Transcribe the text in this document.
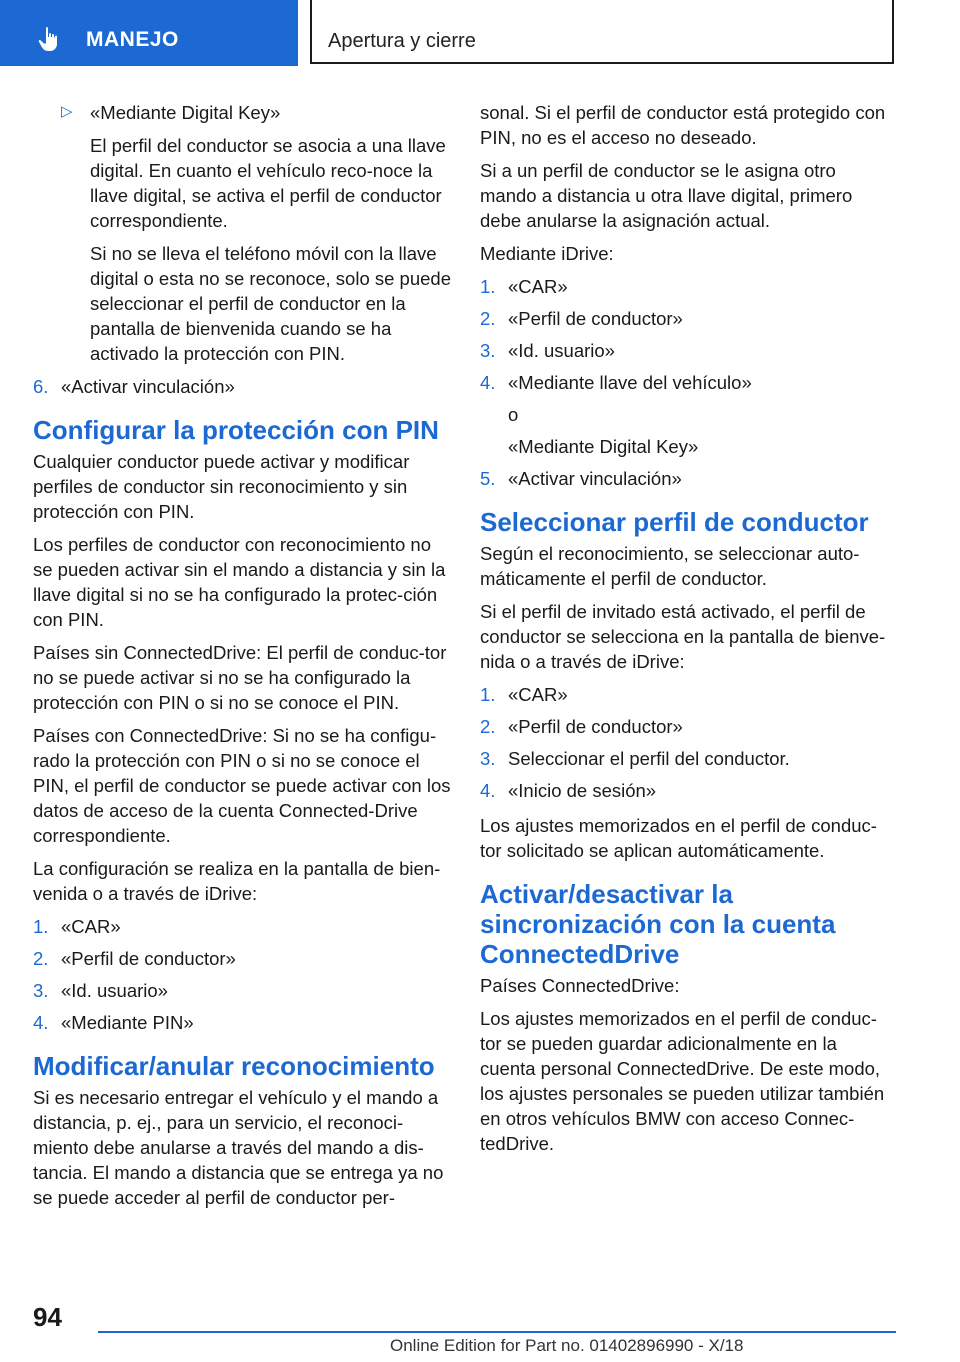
MANEJO	Apertura y cierre
▷ «Mediante Digital Key»

El perfil del conductor se asocia a una llave digital. En cuanto el vehículo reco‐noce la llave digital, se activa el perfil de conductor correspondiente.

Si no se lleva el teléfono móvil con la llave digital o esta no se reconoce, solo se puede seleccionar el perfil de conductor en la pantalla de bienvenida cuando se ha activado la protección con PIN.

6. «Activar vinculación»
Configurar la protección con PIN

Cualquier conductor puede activar y modificar perfiles de conductor sin reconocimiento y sin protección con PIN.

Los perfiles de conductor con reconocimiento no se pueden activar sin el mando a distancia y sin la llave digital si no se ha configurado la protec‐ción con PIN.

Países sin ConnectedDrive: El perfil de conduc‐tor no se puede activar si no se ha configurado la protección con PIN o si no se conoce el PIN.

Países con ConnectedDrive: Si no se ha configu‐rado la protección con PIN o si no se conoce el PIN, el perfil de conductor se puede activar con los datos de acceso de la cuenta Connected‐Drive correspondiente.

La configuración se realiza en la pantalla de bien‐venida o a través de iDrive:

1. «CAR»
2. «Perfil de conductor»
3. «Id. usuario»
4. «Mediante PIN»
Modificar/anular reconocimiento

Si es necesario entregar el vehículo y el mando a distancia, p. ej., para un servicio, el reconoci‐miento debe anularse a través del mando a dis‐tancia. El mando a distancia que se entrega ya no se puede acceder al perfil de conductor per‐

sonal. Si el perfil de conductor está protegido con PIN, no es el acceso no deseado.

Si a un perfil de conductor se le asigna otro mando a distancia u otra llave digital, primero debe anularse la asignación actual.

Mediante iDrive:

1. «CAR»
2. «Perfil de conductor»
3. «Id. usuario»
4. «Mediante llave del vehículo»
o
«Mediante Digital Key»
5. «Activar vinculación»
Seleccionar perfil de conductor

Según el reconocimiento, se seleccionar auto‐máticamente el perfil de conductor.

Si el perfil de invitado está activado, el perfil de conductor se selecciona en la pantalla de bienve‐nida o a través de iDrive:

1. «CAR»
2. «Perfil de conductor»
3. Seleccionar el perfil del conductor.
4. «Inicio de sesión»

Los ajustes memorizados en el perfil de conduc‐tor solicitado se aplican automáticamente.

Activar/desactivar la sincronización con la cuenta ConnectedDrive

Países ConnectedDrive:

Los ajustes memorizados en el perfil de conduc‐tor se pueden guardar adicionalmente en la cuenta personal ConnectedDrive. De este modo, los ajustes personales se pueden utilizar también en otros vehículos BMW con acceso Connec‐tedDrive.

94
Online Edition for Part no. 01402896990 - X/18
